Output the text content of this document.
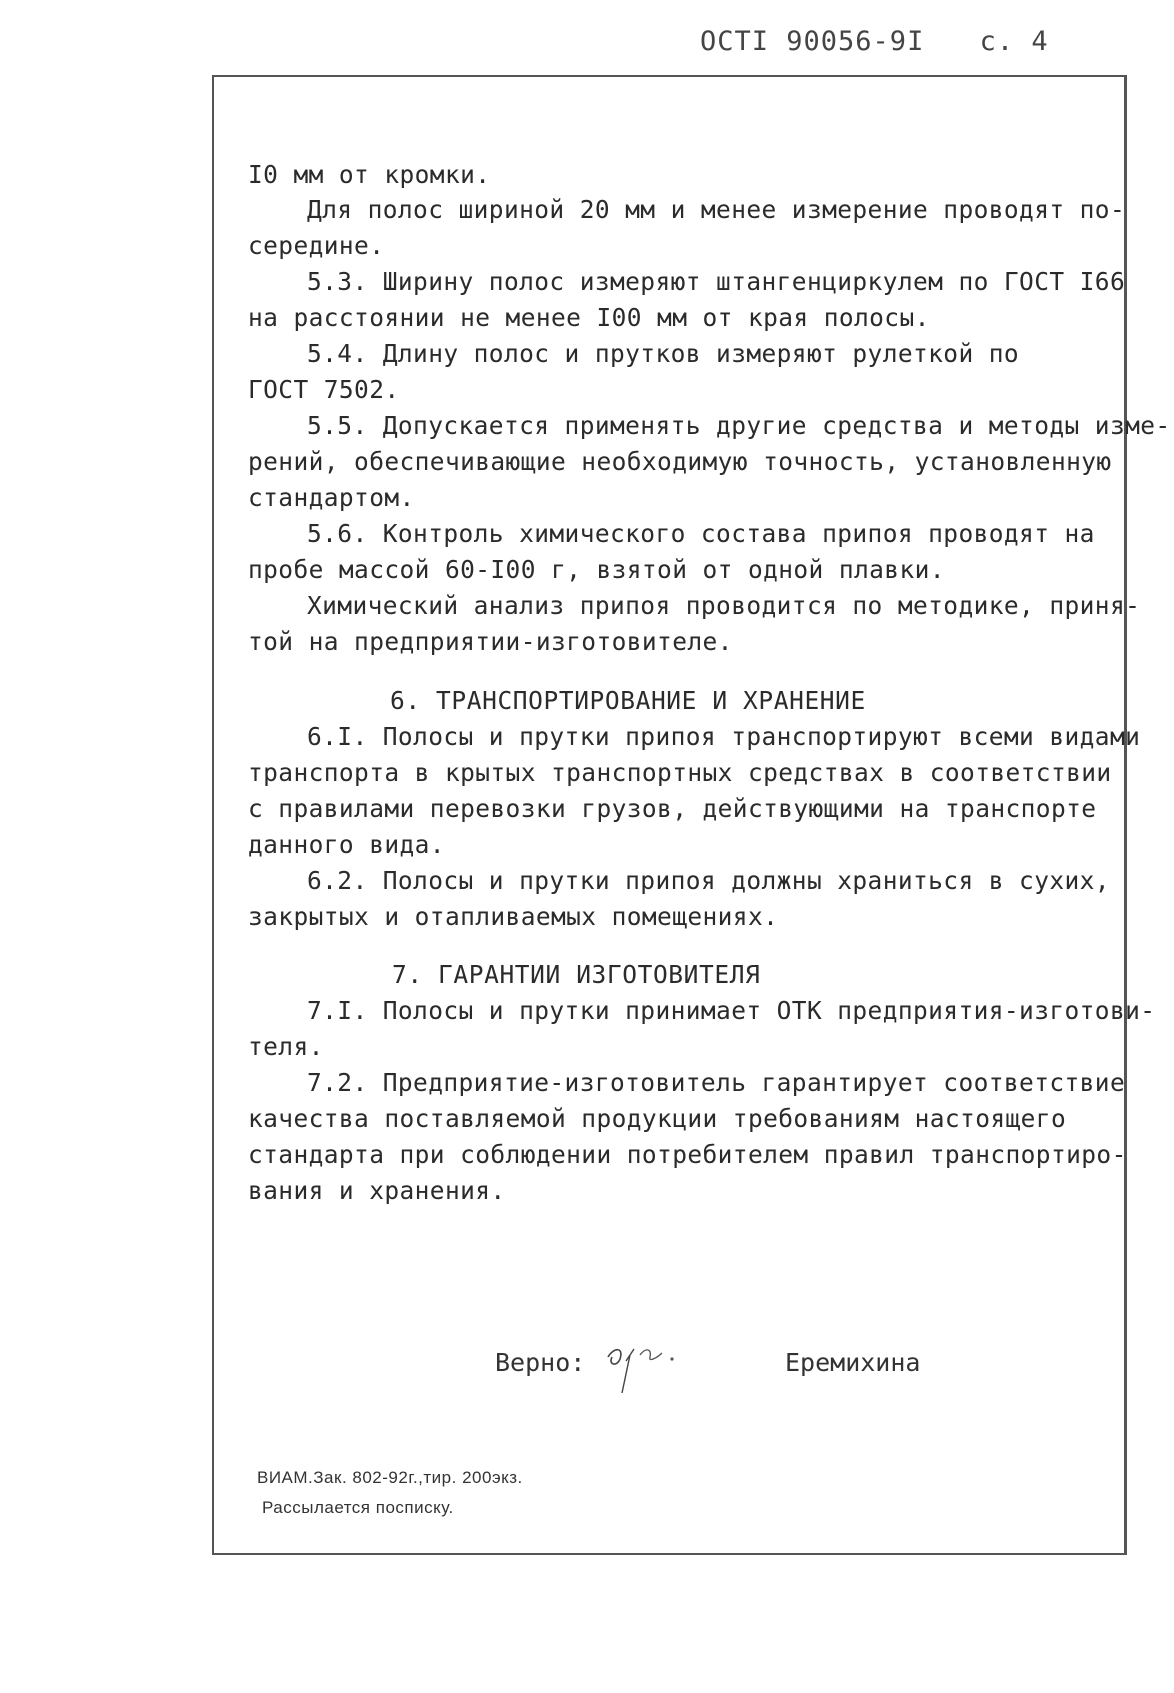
ОСТI 90056-9I с. 4
I0 мм от кромки.
Для полос шириной 20 мм и менее измерение проводят по-
середине.
5.3. Ширину полос измеряют штангенциркулем по ГОСТ I66
на расстоянии не менее I00 мм от края полосы.
5.4. Длину полос и прутков измеряют рулеткой по
ГОСТ 7502.
5.5. Допускается применять другие средства и методы изме-
рений, обеспечивающие необходимую точность, установленную
стандартом.
5.6. Контроль химического состава припоя проводят на
пробе массой 60-I00 г, взятой от одной плавки.
Химический анализ припоя проводится по методике, приня-
той на предприятии-изготовителе.
6. ТРАНСПОРТИРОВАНИЕ И ХРАНЕНИЕ
6.I. Полосы и прутки припоя транспортируют всеми видами
транспорта в крытых транспортных средствах в соответствии
с правилами перевозки грузов, действующими на транспорте
данного вида.
6.2. Полосы и прутки припоя должны храниться в сухих,
закрытых и отапливаемых помещениях.
7. ГАРАНТИИ ИЗГОТОВИТЕЛЯ
7.I. Полосы и прутки принимает ОТК предприятия-изготови-
теля.
7.2. Предприятие-изготовитель гарантирует соответствие
качества поставляемой продукции требованиям настоящего
стандарта при соблюдении потребителем правил транспортиро-
вания и хранения.
Верно:	Еремихина
ВИАМ.Зак. 802-92г.,тир. 200экз.
Рассылается поспиcку.
